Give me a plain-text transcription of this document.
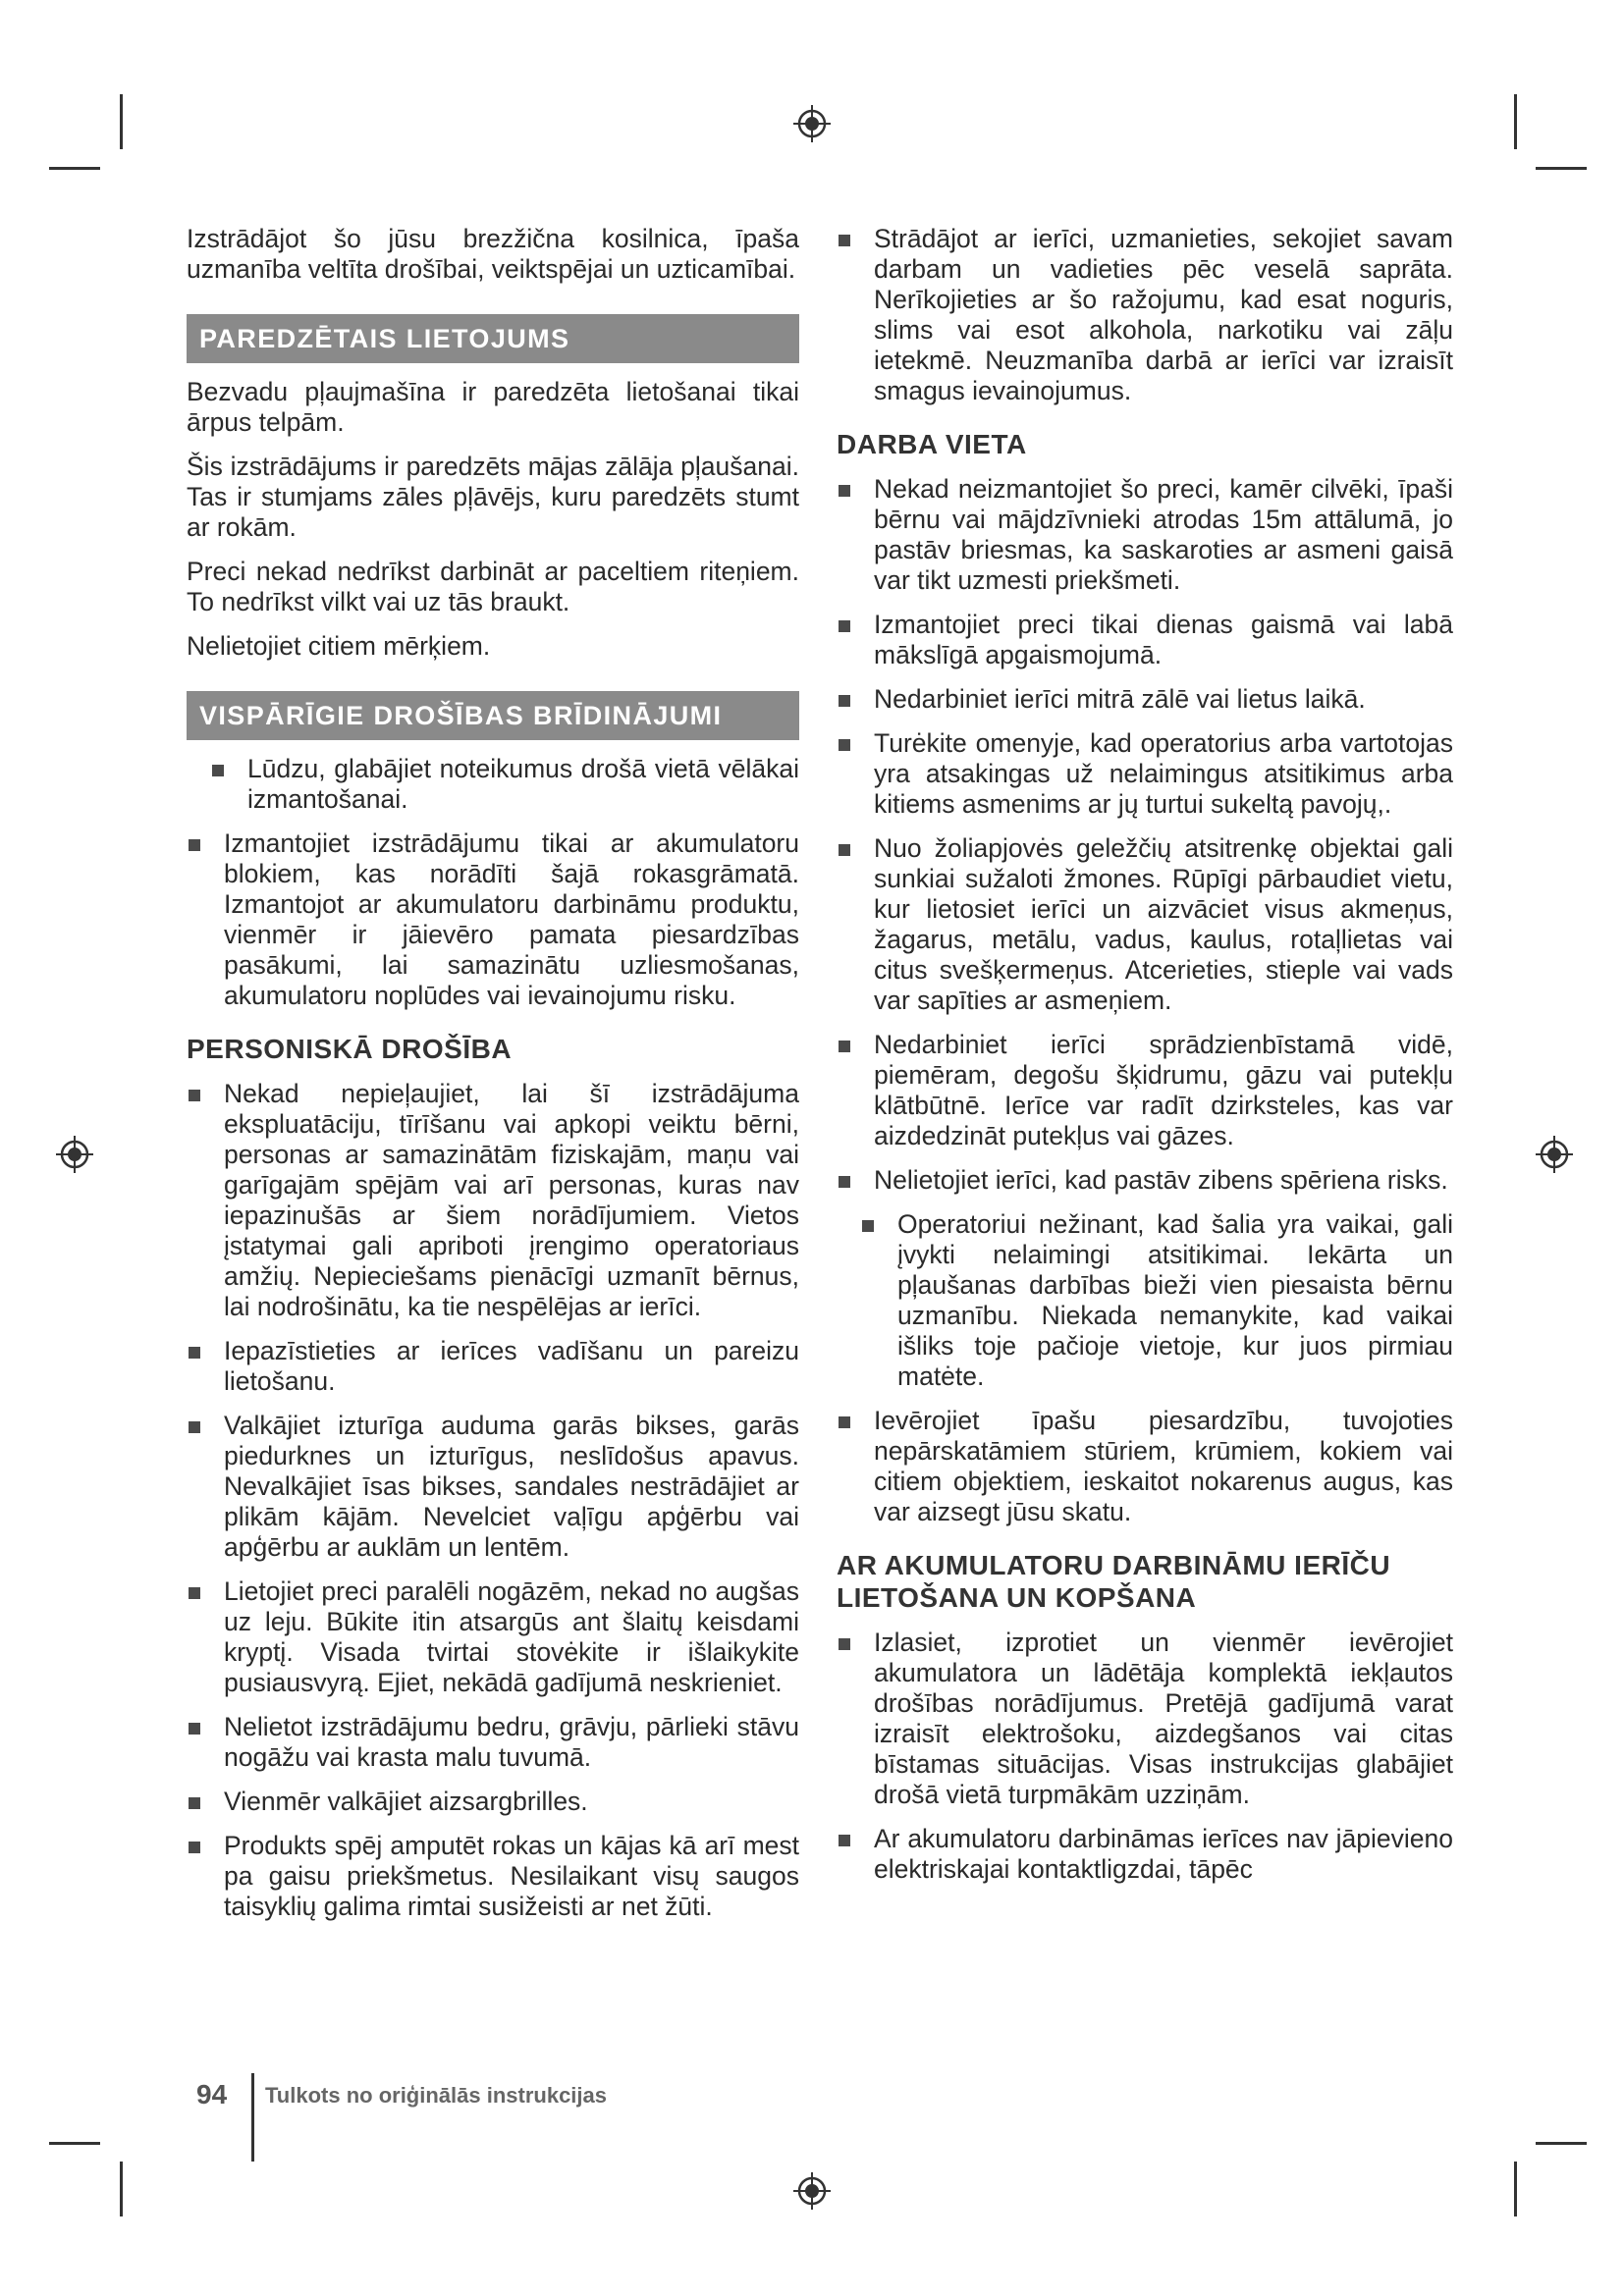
Izstrādājot šo jūsu brezžična kosilnica, īpaša uzmanība veltīta drošībai, veiktspējai un uzticamībai.

PAREDZĒTAIS LIETOJUMS

Bezvadu pļaujmašīna ir paredzēta lietošanai tikai ārpus telpām.

Šis izstrādājums ir paredzēts mājas zālāja pļaušanai. Tas ir stumjams zāles pļāvējs, kuru paredzēts stumt ar rokām.

Preci nekad nedrīkst darbināt ar paceltiem riteņiem. To nedrīkst vilkt vai uz tās braukt.

Nelietojiet citiem mērķiem.

VISPĀRĪGIE DROŠĪBAS BRĪDINĀJUMI
Lūdzu, glabājiet noteikumus drošā vietā vēlākai izmantošanai.
Izmantojiet izstrādājumu tikai ar akumulatoru blokiem, kas norādīti šajā rokasgrāmatā. Izmantojot ar akumulatoru darbināmu produktu, vienmēr ir jāievēro pamata piesardzības pasākumi, lai samazinātu uzliesmošanas, akumulatoru noplūdes vai ievainojumu risku.
PERSONISKĀ DROŠĪBA
Nekad nepieļaujiet, lai šī izstrādājuma ekspluatāciju, tīrīšanu vai apkopi veiktu bērni, personas ar samazinātām fiziskajām, maņu vai garīgajām spējām vai arī personas, kuras nav iepazinušās ar šiem norādījumiem. Vietos įstatymai gali apriboti įrengimo operatoriaus amžių. Nepieciešams pienācīgi uzmanīt bērnus, lai nodrošinātu, ka tie nespēlējas ar ierīci.
Iepazīstieties ar ierīces vadīšanu un pareizu lietošanu.
Valkājiet izturīga auduma garās bikses, garās piedurknes un izturīgus, neslīdošus apavus. Nevalkājiet īsas bikses, sandales nestrādājiet ar plikām kājām. Nevelciet vaļīgu apģērbu vai apģērbu ar auklām un lentēm.
Lietojiet preci paralēli nogāzēm, nekad no augšas uz leju. Būkite itin atsargūs ant šlaitų keisdami kryptį. Visada tvirtai stovėkite ir išlaikykite pusiausvyrą. Ejiet, nekādā gadījumā neskrieniet.
Nelietot izstrādājumu bedru, grāvju, pārlieki stāvu nogāžu vai krasta malu tuvumā.
Vienmēr valkājiet aizsargbrilles.
Produkts spēj amputēt rokas un kājas kā arī mest pa gaisu priekšmetus. Nesilaikant visų saugos taisyklių galima rimtai susižeisti ar net žūti.
Strādājot ar ierīci, uzmanieties, sekojiet savam darbam un vadieties pēc veselā saprāta. Nerīkojieties ar šo ražojumu, kad esat noguris, slims vai esot alkohola, narkotiku vai zāļu ietekmē. Neuzmanība darbā ar ierīci var izraisīt smagus ievainojumus.
DARBA VIETA
Nekad neizmantojiet šo preci, kamēr cilvēki, īpaši bērnu vai mājdzīvnieki atrodas 15m attālumā, jo pastāv briesmas, ka saskaroties ar asmeni gaisā var tikt uzmesti priekšmeti.
Izmantojiet preci tikai dienas gaismā vai labā mākslīgā apgaismojumā.
Nedarbiniet ierīci mitrā zālē vai lietus laikā.
Turėkite omenyje, kad operatorius arba vartotojas yra atsakingas už nelaimingus atsitikimus arba kitiems asmenims ar jų turtui sukeltą pavojų,.
Nuo žoliapjovės geležčių atsitrenkę objektai gali sunkiai sužaloti žmones. Rūpīgi pārbaudiet vietu, kur lietosiet ierīci un aizvāciet visus akmeņus, žagarus, metālu, vadus, kaulus, rotaļlietas vai citus svešķermeņus. Atcerieties, stieple vai vads var sapīties ar asmeņiem.
Nedarbiniet ierīci sprādzienbīstamā vidē, piemēram, degošu šķidrumu, gāzu vai putekļu klātbūtnē. Ierīce var radīt dzirksteles, kas var aizdedzināt putekļus vai gāzes.
Nelietojiet ierīci, kad pastāv zibens spēriena risks.
Operatoriui nežinant, kad šalia yra vaikai, gali įvykti nelaimingi atsitikimai. Iekārta un pļaušanas darbības bieži vien piesaista bērnu uzmanību. Niekada nemanykite, kad vaikai išliks toje pačioje vietoje, kur juos pirmiau matėte.
Ievērojiet īpašu piesardzību, tuvojoties nepārskatāmiem stūriem, krūmiem, kokiem vai citiem objektiem, ieskaitot nokarenus augus, kas var aizsegt jūsu skatu.
AR AKUMULATORU DARBINĀMU IERĪČU LIETOŠANA UN KOPŠANA
Izlasiet, izprotiet un vienmēr ievērojiet akumulatora un lādētāja komplektā iekļautos drošības norādījumus. Pretējā gadījumā varat izraisīt elektrošoku, aizdegšanos vai citas bīstamas situācijas. Visas instrukcijas glabājiet drošā vietā turpmākām uzziņām.
Ar akumulatoru darbināmas ierīces nav jāpievieno elektriskajai kontaktligzdai, tāpēc
94 Tulkots no oriģinālās instrukcijas
